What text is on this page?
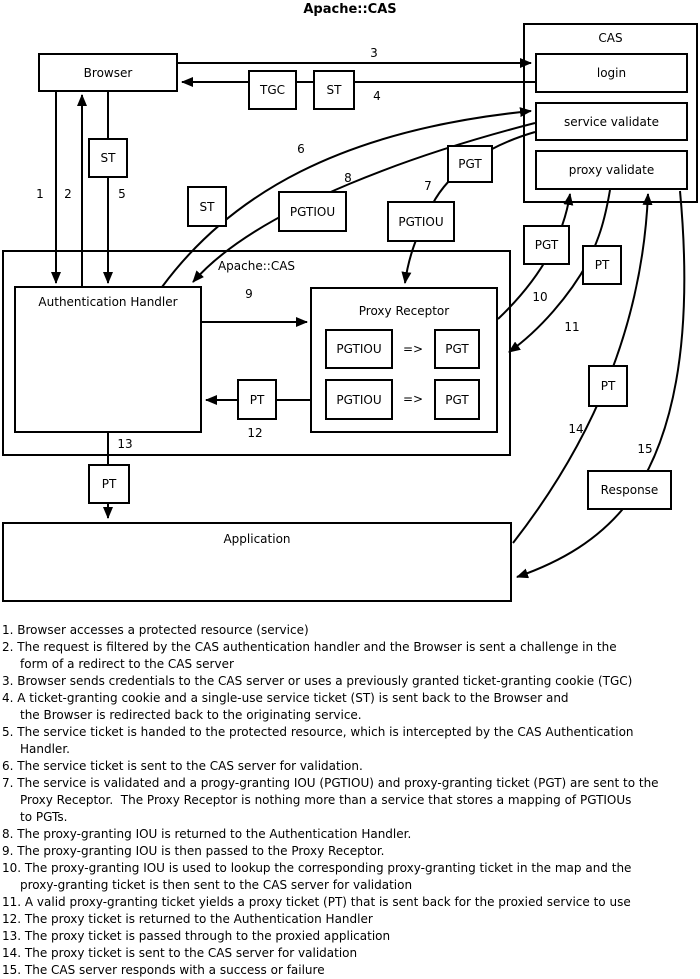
Apache::CAS
CAS
login
service validate
proxy validate
Browser
Apache::CAS
Authentication Handler
Proxy Receptor
PGTIOU	=>	PGT
PGTIOU	=>	PGT
Application
TGC	ST
ST
ST	PGTIOU
PGTIOU
PGT
PGT
PT
PT
PT
PT
Response
1 2
3
4
5
6
7
8
9	10
11
12
13
14
15
1. Browser accesses a protected resource (service)
2. The request is filtered by the CAS authentication handler and the Browser is sent a challenge in the
form of a redirect to the CAS server
3. Browser sends credentials to the CAS server or uses a previously granted ticket-granting cookie (TGC)
4. A ticket-granting cookie and a single-use service ticket (ST) is sent back to the Browser and
the Browser is redirected back to the originating service.
5. The service ticket is handed to the protected resource, which is intercepted by the CAS Authentication
Handler.
6. The service ticket is sent to the CAS server for validation.
7. The service is validated and a progy-granting IOU (PGTIOU) and proxy-granting ticket (PGT) are sent to the
Proxy Receptor.  The Proxy Receptor is nothing more than a service that stores a mapping of PGTIOUs
to PGTs.
8. The proxy-granting IOU is returned to the Authentication Handler.
9. The proxy-granting IOU is then passed to the Proxy Receptor.
10. The proxy-granting IOU is used to lookup the corresponding proxy-granting ticket in the map and the
proxy-granting ticket is then sent to the CAS server for validation
11. A valid proxy-granting ticket yields a proxy ticket (PT) that is sent back for the proxied service to use
12. The proxy ticket is returned to the Authentication Handler
13. The proxy ticket is passed through to the proxied application
14. The proxy ticket is sent to the CAS server for validation
15. The CAS server responds with a success or failure
